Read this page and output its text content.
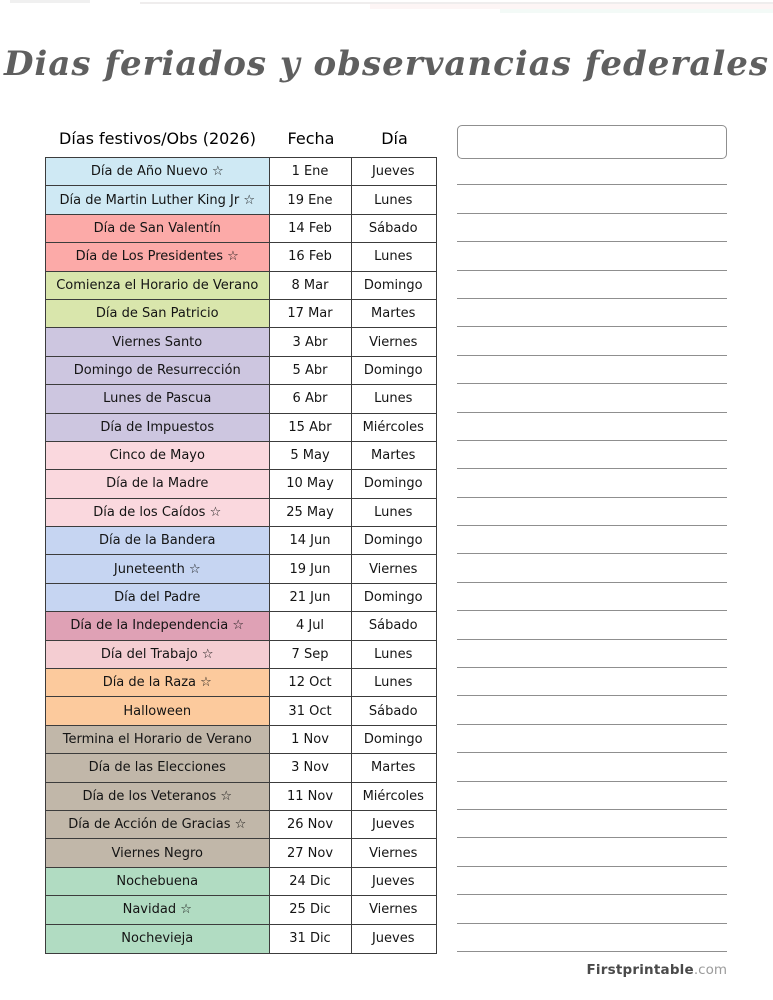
Dias feriados y observancias federales
Días festivos/Obs (2026)	Fecha	Día
Día de Año Nuevo ☆	1 Ene	Jueves
Día de Martin Luther King Jr ☆	19 Ene	Lunes
Día de San Valentín	14 Feb	Sábado
Día de Los Presidentes ☆	16 Feb	Lunes
Comienza el Horario de Verano	8 Mar	Domingo
Día de San Patricio	17 Mar	Martes
Viernes Santo	3 Abr	Viernes
Domingo de Resurrección	5 Abr	Domingo
Lunes de Pascua	6 Abr	Lunes
Día de Impuestos	15 Abr	Miércoles
Cinco de Mayo	5 May	Martes
Día de la Madre	10 May	Domingo
Día de los Caídos ☆	25 May	Lunes
Día de la Bandera	14 Jun	Domingo
Juneteenth ☆	19 Jun	Viernes
Día del Padre	21 Jun	Domingo
Día de la Independencia ☆	4 Jul	Sábado
Día del Trabajo ☆	7 Sep	Lunes
Día de la Raza ☆	12 Oct	Lunes
Halloween	31 Oct	Sábado
Termina el Horario de Verano	1 Nov	Domingo
Día de las Elecciones	3 Nov	Martes
Día de los Veteranos ☆	11 Nov	Miércoles
Día de Acción de Gracias ☆	26 Nov	Jueves
Viernes Negro	27 Nov	Viernes
Nochebuena	24 Dic	Jueves
Navidad ☆	25 Dic	Viernes
Nochevieja	31 Dic	Jueves
Firstprintable.com
